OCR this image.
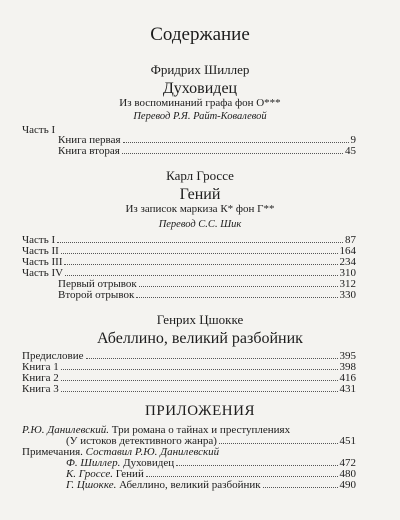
Содержание
Фридрих Шиллер
Духовидец
Из воспоминаний графа фон О***
Перевод Р.Я. Райт-Ковалевой
Часть I
Книга первая	9
Книга вторая	45
Карл Гроссе
Гений
Из записок маркиза К* фон Г**
Перевод С.С. Шик
Часть I	87
Часть II	164
Часть III	234
Часть IV	310
Первый отрывок	312
Второй отрывок	330
Генрих Цшокке
Абеллино, великий разбойник
Предисловие	395
Книга 1	398
Книга 2	416
Книга 3	431
ПРИЛОЖЕНИЯ
Р.Ю. Данилевский. Три романа о тайнах и преступлениях
(У истоков детективного жанра)	451
Примечания. Составил Р.Ю. Данилевский
Ф. Шиллер. Духовидец	472
К. Гроссе. Гений	480
Г. Цшокке. Абеллино, великий разбойник	490
